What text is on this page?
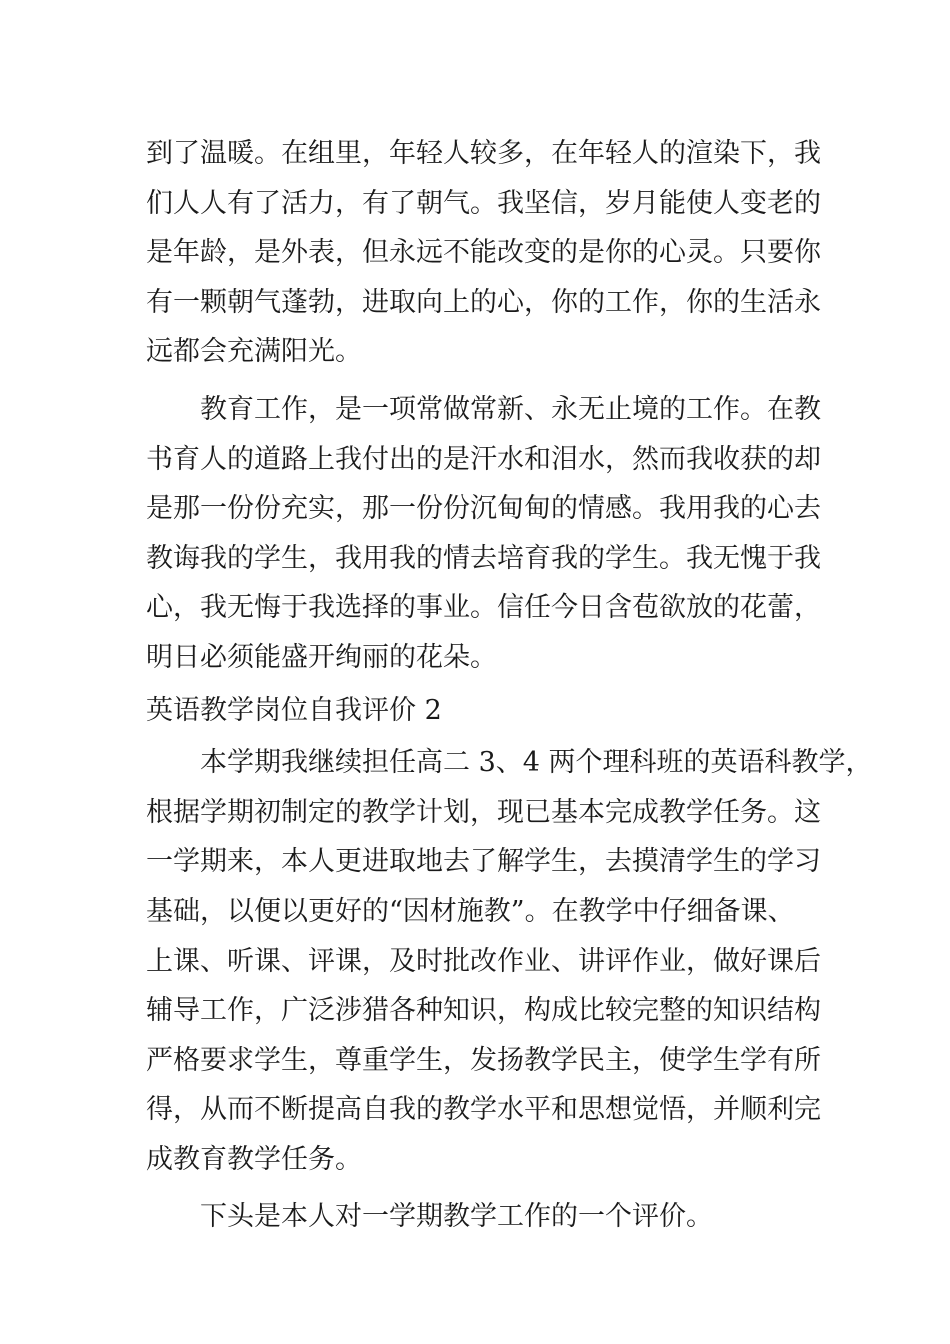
到了温暖。在组里，年轻人较多，在年轻人的渲染下，我
们人人有了活力，有了朝气。我坚信，岁月能使人变老的
是年龄，是外表，但永远不能改变的是你的心灵。只要你
有一颗朝气蓬勃，进取向上的心，你的工作，你的生活永
远都会充满阳光。
教育工作，是一项常做常新、永无止境的工作。在教
书育人的道路上我付出的是汗水和泪水，然而我收获的却
是那一份份充实，那一份份沉甸甸的情感。我用我的心去
教诲我的学生，我用我的情去培育我的学生。我无愧于我
心，我无悔于我选择的事业。信任今日含苞欲放的花蕾，
明日必须能盛开绚丽的花朵。
英语教学岗位自我评价 2
本学期我继续担任高二 3、4 两个理科班的英语科教学，
根据学期初制定的教学计划，现已基本完成教学任务。这
一学期来，本人更进取地去了解学生，去摸清学生的学习
基础，以便以更好的“因材施教”。在教学中仔细备课、
上课、听课、评课，及时批改作业、讲评作业，做好课后
辅导工作，广泛涉猎各种知识，构成比较完整的知识结构
严格要求学生，尊重学生，发扬教学民主，使学生学有所
得，从而不断提高自我的教学水平和思想觉悟，并顺利完
成教育教学任务。
下头是本人对一学期教学工作的一个评价。
